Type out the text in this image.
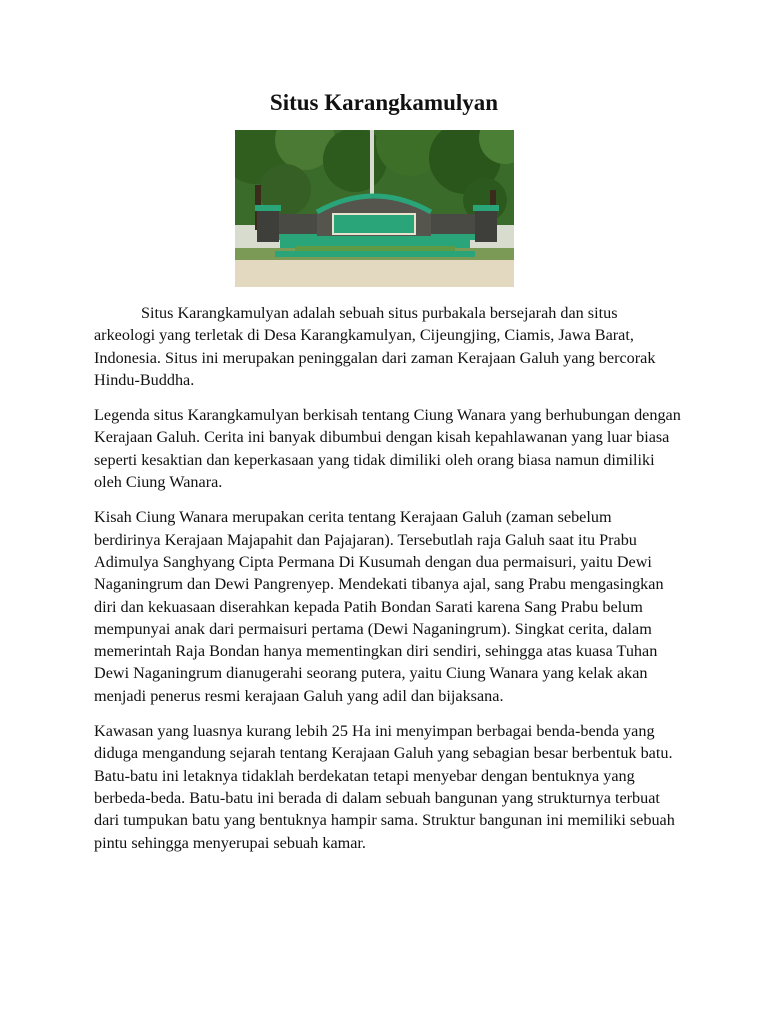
Situs Karangkamulyan

Situs Karangkamulyan adalah sebuah situs purbakala bersejarah dan situs arkeologi yang terletak di Desa Karangkamulyan, Cijeungjing, Ciamis, Jawa Barat, Indonesia. Situs ini merupakan peninggalan dari zaman Kerajaan Galuh yang bercorak Hindu-Buddha.

Legenda situs Karangkamulyan berkisah tentang Ciung Wanara yang berhubungan dengan Kerajaan Galuh. Cerita ini banyak dibumbui dengan kisah kepahlawanan yang luar biasa seperti kesaktian dan keperkasaan yang tidak dimiliki oleh orang biasa namun dimiliki oleh Ciung Wanara.

Kisah Ciung Wanara merupakan cerita tentang Kerajaan Galuh (zaman sebelum berdirinya Kerajaan Majapahit dan Pajajaran). Tersebutlah raja Galuh saat itu Prabu Adimulya Sanghyang Cipta Permana Di Kusumah dengan dua permaisuri, yaitu Dewi Naganingrum dan Dewi Pangrenyep. Mendekati tibanya ajal, sang Prabu mengasingkan diri dan kekuasaan diserahkan kepada Patih Bondan Sarati karena Sang Prabu belum mempunyai anak dari permaisuri pertama (Dewi Naganingrum). Singkat cerita, dalam memerintah Raja Bondan hanya mementingkan diri sendiri, sehingga atas kuasa Tuhan Dewi Naganingrum dianugerahi seorang putera, yaitu Ciung Wanara yang kelak akan menjadi penerus resmi kerajaan Galuh yang adil dan bijaksana.

Kawasan yang luasnya kurang lebih 25 Ha ini menyimpan berbagai benda-benda yang diduga mengandung sejarah tentang Kerajaan Galuh yang sebagian besar berbentuk batu. Batu-batu ini letaknya tidaklah berdekatan tetapi menyebar dengan bentuknya yang berbeda-beda. Batu-batu ini berada di dalam sebuah bangunan yang strukturnya terbuat dari tumpukan batu yang bentuknya hampir sama. Struktur bangunan ini memiliki sebuah pintu sehingga menyerupai sebuah kamar.
